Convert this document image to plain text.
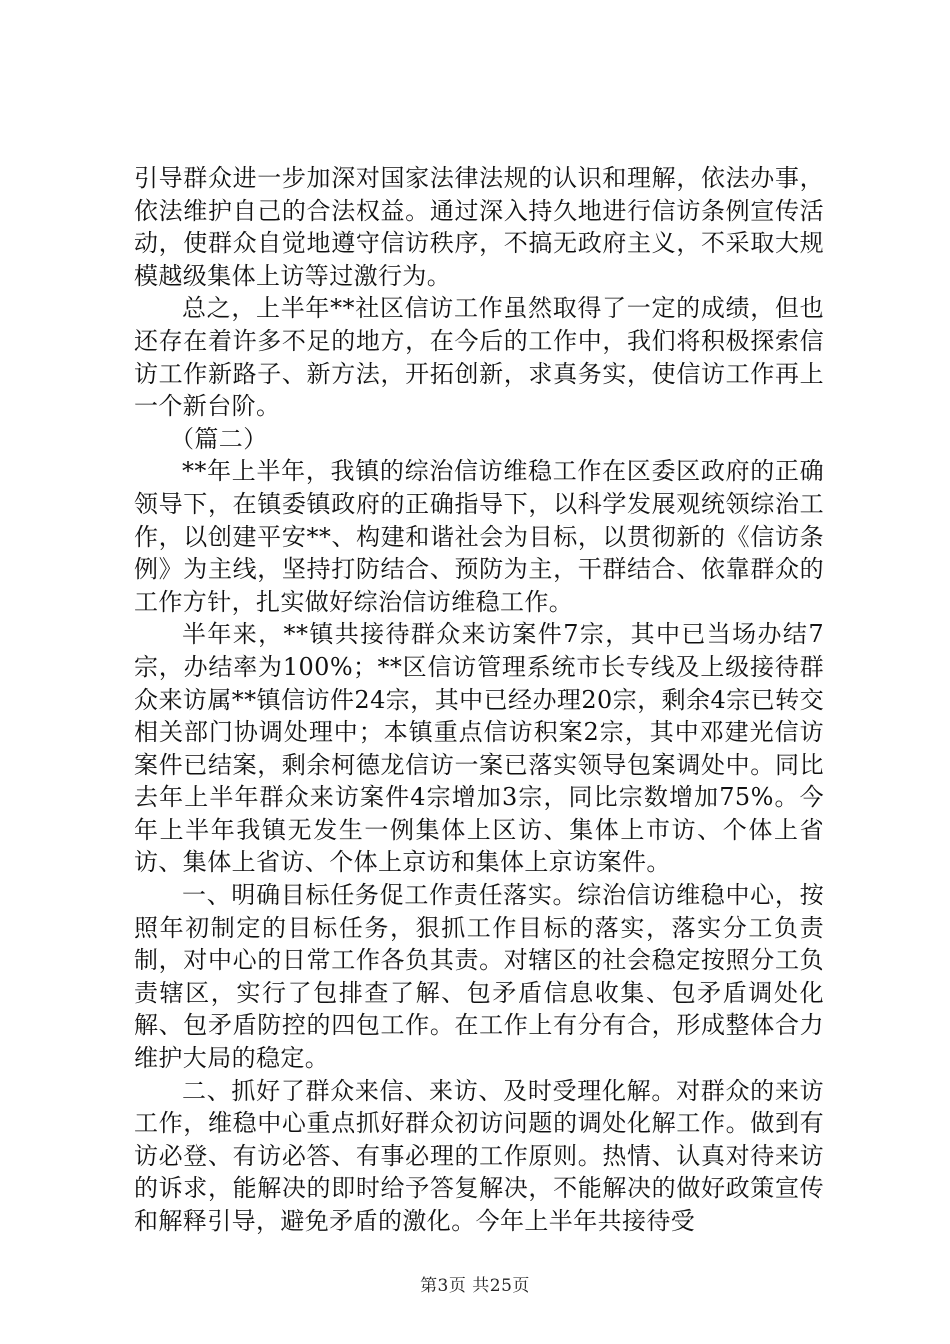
引导群众进一步加深对国家法律法规的认识和理解，依法办事，依法维护自己的合法权益。通过深入持久地进行信访条例宣传活动，使群众自觉地遵守信访秩序，不搞无政府主义，不采取大规模越级集体上访等过激行为。

总之，上半年**社区信访工作虽然取得了一定的成绩，但也还存在着许多不足的地方，在今后的工作中，我们将积极探索信访工作新路子、新方法，开拓创新，求真务实，使信访工作再上一个新台阶。

（篇二）

**年上半年，我镇的综治信访维稳工作在区委区政府的正确领导下，在镇委镇政府的正确指导下，以科学发展观统领综治工作，以创建平安**、构建和谐社会为目标，以贯彻新的《信访条例》为主线，坚持打防结合、预防为主，干群结合、依靠群众的工作方针，扎实做好综治信访维稳工作。

半年来，**镇共接待群众来访案件7宗，其中已当场办结7宗，办结率为100%；**区信访管理系统市长专线及上级接待群众来访属**镇信访件24宗，其中已经办理20宗，剩余4宗已转交相关部门协调处理中；本镇重点信访积案2宗，其中邓建光信访案件已结案，剩余柯德龙信访一案已落实领导包案调处中。同比去年上半年群众来访案件4宗增加3宗，同比宗数增加75%。今年上半年我镇无发生一例集体上区访、集体上市访、个体上省访、集体上省访、个体上京访和集体上京访案件。

一、明确目标任务促工作责任落实。综治信访维稳中心，按照年初制定的目标任务，狠抓工作目标的落实，落实分工负责制，对中心的日常工作各负其责。对辖区的社会稳定按照分工负责辖区，实行了包排查了解、包矛盾信息收集、包矛盾调处化解、包矛盾防控的四包工作。在工作上有分有合，形成整体合力维护大局的稳定。

二、抓好了群众来信、来访、及时受理化解。对群众的来访工作，维稳中心重点抓好群众初访问题的调处化解工作。做到有访必登、有访必答、有事必理的工作原则。热情、认真对待来访的诉求，能解决的即时给予答复解决，不能解决的做好政策宣传和解释引导，避免矛盾的激化。今年上半年共接待受

第3页 共25页
